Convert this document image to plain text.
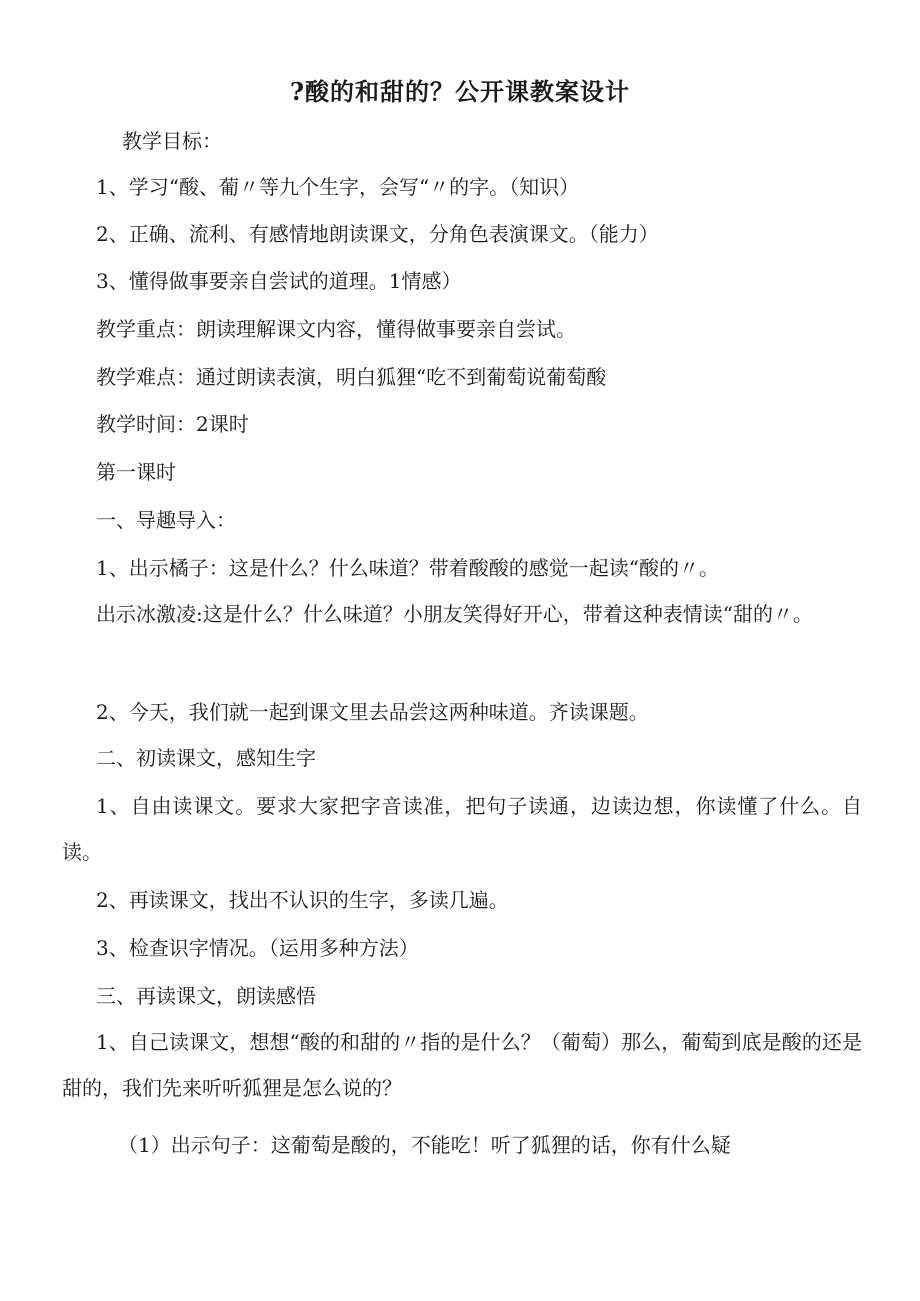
?酸的和甜的？公开课教案设计
教学目标：
1、学习“酸、葡〃等九个生字，会写“〃的字。（知识）
2、正确、流利、有感情地朗读课文，分角色表演课文。（能力）
3、懂得做事要亲自尝试的道理。1情感）
教学重点：朗读理解课文内容，懂得做事要亲自尝试。
教学难点：通过朗读表演，明白狐狸“吃不到葡萄说葡萄酸
教学时间：2课时
第一课时
一、导趣导入：
1、出示橘子：这是什么？什么味道？带着酸酸的感觉一起读“酸的〃。
出示冰激凌:这是什么？什么味道？小朋友笑得好开心，带着这种表情读“甜的〃。
2、今天，我们就一起到课文里去品尝这两种味道。齐读课题。
二、初读课文，感知生字
1、自由读课文。要求大家把字音读准，把句子读通，边读边想，你读懂了什么。自读。
2、再读课文，找出不认识的生字，多读几遍。
3、检查识字情况。（运用多种方法）
三、再读课文，朗读感悟
1、自己读课文，想想“酸的和甜的〃指的是什么？（葡萄）那么，葡萄到底是酸的还是甜的，我们先来听听狐狸是怎么说的？
（1）出示句子：这葡萄是酸的，不能吃！听了狐狸的话，你有什么疑
